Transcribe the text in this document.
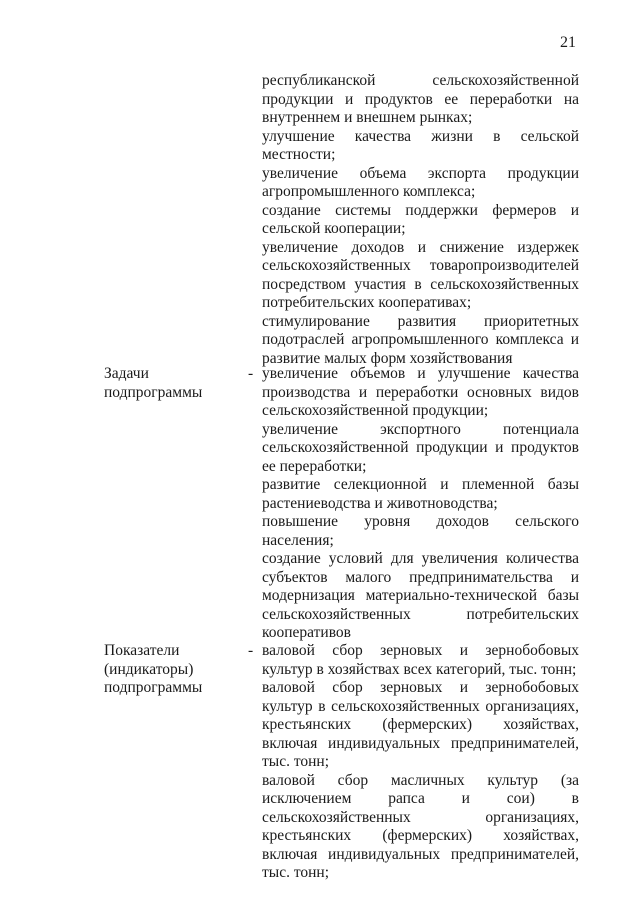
21

республиканской сельскохозяйственной продукции и продуктов ее переработки на внутреннем и внешнем рынках;

улучшение качества жизни в сельской местности;

увеличение объема экспорта продукции агропромышленного комплекса;

создание системы поддержки фермеров и сельской кооперации;

увеличение доходов и снижение издержек сельскохозяйственных товаропроизводителей посредством участия в сельскохозяйственных потребительских кооперативах;

стимулирование развития приоритетных подотраслей агропромышленного комплекса и развитие малых форм хозяйствования

Задачи
подпрограммы
- увеличение объемов и улучшение качества производства и переработки основных видов сельскохозяйственной продукции;

увеличение экспортного потенциала сельскохозяйственной продукции и продуктов ее переработки;

развитие селекционной и племенной базы растениеводства и животноводства;

повышение уровня доходов сельского населения;

создание условий для увеличения количества субъектов малого предпринимательства и модернизация материально-технической базы сельскохозяйственных потребительских кооперативов

Показатели
(индикаторы)
подпрограммы
- валовой сбор зерновых и зернобобовых культур в хозяйствах всех категорий, тыс. тонн;

валовой сбор зерновых и зернобобовых культур в сельскохозяйственных организациях, крестьянских (фермерских) хозяйствах, включая индивидуальных предпринимателей, тыс. тонн;

валовой сбор масличных культур (за исключением рапса и сои) в сельскохозяйственных организациях, крестьянских (фермерских) хозяйствах, включая индивидуальных предпринимателей, тыс. тонн;
